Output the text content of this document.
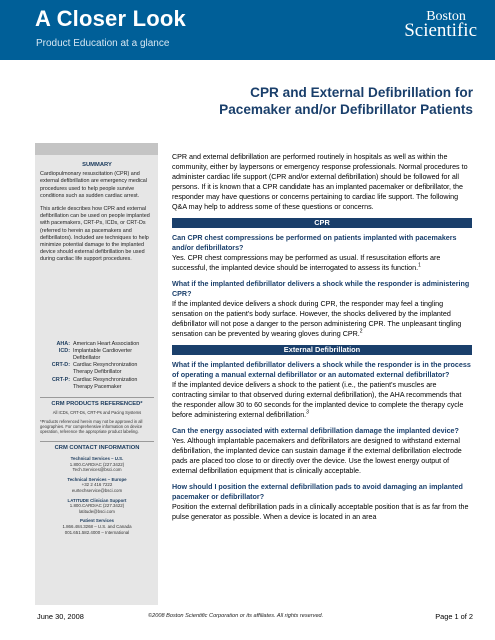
A Closer Look
Product Education at a glance
Boston
Scientific
CPR and External Defibrillation for
Pacemaker and/or Defibrillator Patients
SUMMARY

Cardiopulmonary resuscitation (CPR) and external defibrillation are emergency medical procedures used to help people survive conditions such as sudden cardiac arrest.

This article describes how CPR and external defibrillation can be used on people implanted with pacemakers, CRT-Ps, ICDs, or CRT-Ds (referred to herein as pacemakers and defibrillators). Included are techniques to help minimize potential damage to the implanted device should external defibrillation be used during cardiac life support procedures.

AHA: American Heart Association
ICD: Implantable Cardioverter Defibrillator
CRT-D: Cardiac Resynchronization Therapy Defibrillator
CRT-P: Cardiac Resynchronization Therapy Pacemaker
CRM PRODUCTS REFERENCED*
All ICDs, CRT-Ds, CRT-Ps and Pacing Systems
*Products referenced herein may not be approved in all geographies. For comprehensive information on device operation, reference the appropriate product labeling.
CRM CONTACT INFORMATION
Technical Services – U.S.
1.800.CARDIAC (227.3422)
Tech.Services@bsci.com
Technical Services – Europe
+32 2 416 7222
eurtechservice@bsci.com
LATITUDE Clinician Support
1.800.CARDIAC (227.3422)
latitude@bsci.com
Patient Services
1.866.484.3268 – U.S. and Canada
001.651.582.4000 – International

CPR and external defibrillation are performed routinely in hospitals as well as within the community, either by laypersons or emergency response professionals. Normal procedures to administer cardiac life support (CPR and/or external defibrillation) should be followed for all persons. If it is known that a CPR candidate has an implanted pacemaker or defibrillator, the responder may have questions or concerns pertaining to cardiac life support. The following Q&A may help to address some of these questions or concerns.

CPR
Can CPR chest compressions be performed on patients implanted with pacemakers and/or defibrillators?

Yes. CPR chest compressions may be performed as usual. If resuscitation efforts are successful, the implanted device should be interrogated to assess its function.$^1$

What if the implanted defibrillator delivers a shock while the responder is administering CPR?

If the implanted device delivers a shock during CPR, the responder may feel a tingling sensation on the patient's body surface. However, the shocks delivered by the implanted defibrillator will not pose a danger to the person administering CPR. The unpleasant tingling sensation can be prevented by wearing gloves during CPR.$^2$

External Defibrillation
What if the implanted defibrillator delivers a shock while the responder is in the process of operating a manual external defibrillator or an automated external defibrillator?

If the implanted device delivers a shock to the patient (i.e., the patient's muscles are contracting similar to that observed during external defibrillation), the AHA recommends that the responder allow 30 to 60 seconds for the implanted device to complete the therapy cycle before administering external defibrillation.$^3$

Can the energy associated with external defibrillation damage the implanted device?

Yes. Although implantable pacemakers and defibrillators are designed to withstand external defibrillation, the implanted device can sustain damage if the external defibrillation electrode pads are placed too close to or directly over the device. Use the lowest energy output of external defibrillation equipment that is clinically acceptable.

How should I position the external defibrillation pads to avoid damaging an implanted pacemaker or defibrillator?

Position the external defibrillation pads in a clinically acceptable position that is as far from the pulse generator as possible. When a device is located in an area

June 30, 2008	©2008 Boston Scientific Corporation or its affiliates. All rights reserved.	Page 1 of 2
